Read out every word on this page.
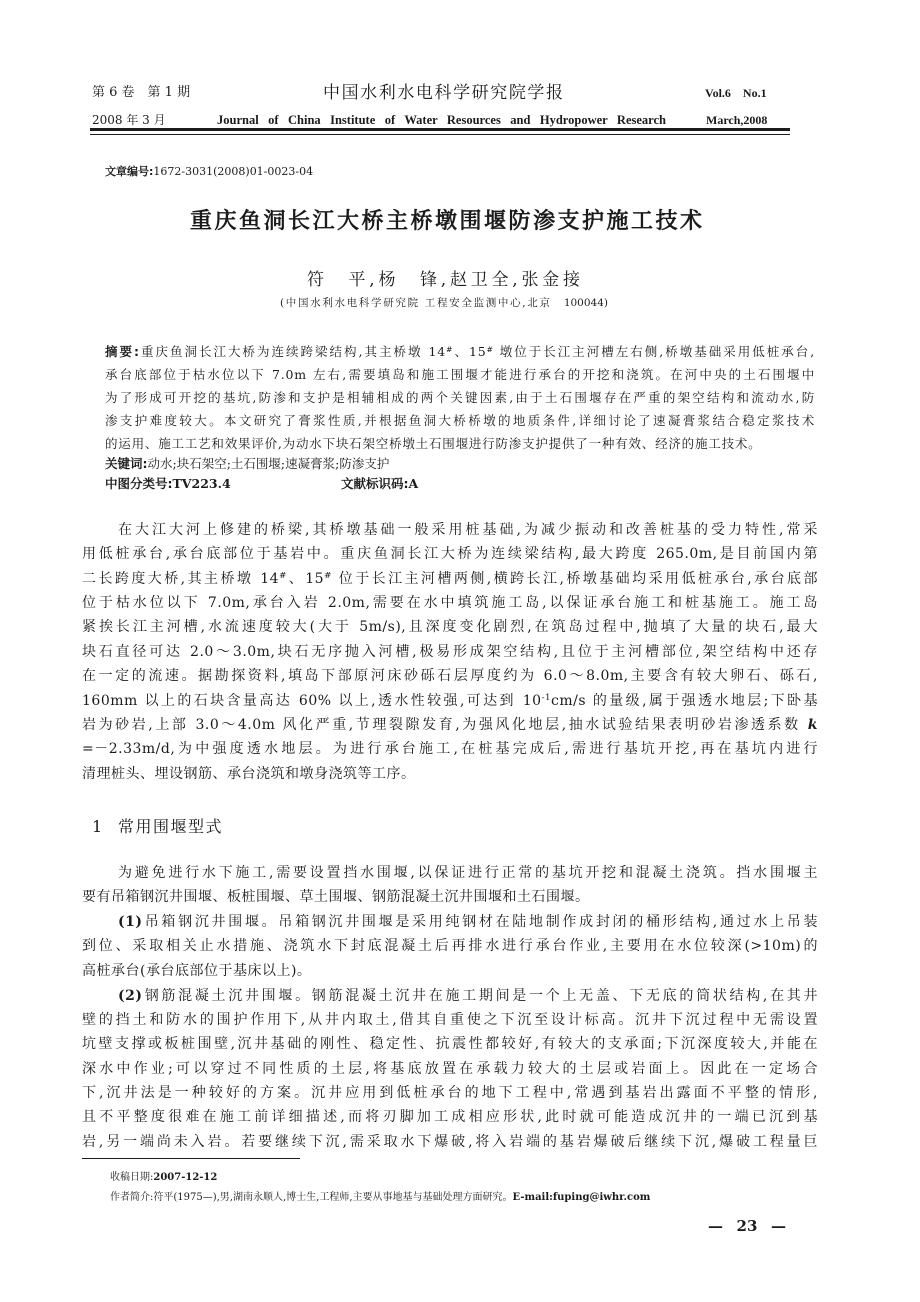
第 6 卷　第 1 期	中国水利水电科学研究院学报	Vol.6　No.1
2008 年 3 月	Journal of China Institute of Water Resources and Hydropower Research	March,2008
文章编号:1672-3031(2008)01-0023-04
重庆鱼洞长江大桥主桥墩围堰防渗支护施工技术
符　平,杨　锋,赵卫全,张金接
(中国水利水电科学研究院 工程安全监测中心,北京　100044)
摘要:重庆鱼洞长江大桥为连续跨梁结构,其主桥墩 14#、15# 墩位于长江主河槽左右侧,桥墩基础采用低桩承台,
承台底部位于枯水位以下 7.0m 左右,需要填岛和施工围堰才能进行承台的开挖和浇筑。在河中央的土石围堰中
为了形成可开挖的基坑,防渗和支护是相辅相成的两个关键因素,由于土石围堰存在严重的架空结构和流动水,防
渗支护难度较大。本文研究了膏浆性质,并根据鱼洞大桥桥墩的地质条件,详细讨论了速凝膏浆结合稳定浆技术
的运用、施工工艺和效果评价,为动水下块石架空桥墩土石围堰进行防渗支护提供了一种有效、经济的施工技术。
关键词:动水;块石架空;土石围堰;速凝膏浆;防渗支护
中图分类号:TV223.4	文献标识码:A
在大江大河上修建的桥梁,其桥墩基础一般采用桩基础,为减少振动和改善桩基的受力特性,常采
用低桩承台,承台底部位于基岩中。重庆鱼洞长江大桥为连续梁结构,最大跨度 265.0m,是目前国内第
二长跨度大桥,其主桥墩 14#、15# 位于长江主河槽两侧,横跨长江,桥墩基础均采用低桩承台,承台底部
位于枯水位以下 7.0m,承台入岩 2.0m,需要在水中填筑施工岛,以保证承台施工和桩基施工。施工岛
紧挨长江主河槽,水流速度较大(大于 5m/s),且深度变化剧烈,在筑岛过程中,抛填了大量的块石,最大
块石直径可达 2.0～3.0m,块石无序抛入河槽,极易形成架空结构,且位于主河槽部位,架空结构中还存
在一定的流速。据勘探资料,填岛下部原河床砂砾石层厚度约为 6.0～8.0m,主要含有较大卵石、砾石,
160mm 以上的石块含量高达 60% 以上,透水性较强,可达到 $10^{-1}cm/s$ 的量级,属于强透水地层;下卧基
岩为砂岩,上部 3.0～4.0m 风化严重,节理裂隙发育,为强风化地层,抽水试验结果表明砂岩渗透系数 k
=－2.33m/d,为中强度透水地层。为进行承台施工,在桩基完成后,需进行基坑开挖,再在基坑内进行
清理桩头、埋设钢筋、承台浇筑和墩身浇筑等工序。
1 常用围堰型式
为避免进行水下施工,需要设置挡水围堰,以保证进行正常的基坑开挖和混凝土浇筑。挡水围堰主
要有吊箱钢沉井围堰、板桩围堰、草土围堰、钢筋混凝土沉井围堰和土石围堰。
(1)吊箱钢沉井围堰。吊箱钢沉井围堰是采用纯钢材在陆地制作成封闭的桶形结构,通过水上吊装
到位、采取相关止水措施、浇筑水下封底混凝土后再排水进行承台作业,主要用在水位较深(>10m)的
高桩承台(承台底部位于基床以上)。
(2)钢筋混凝土沉井围堰。钢筋混凝土沉井在施工期间是一个上无盖、下无底的筒状结构,在其井
壁的挡土和防水的围护作用下,从井内取土,借其自重使之下沉至设计标高。沉井下沉过程中无需设置
坑壁支撑或板桩围壁,沉井基础的刚性、稳定性、抗震性都较好,有较大的支承面;下沉深度较大,并能在
深水中作业;可以穿过不同性质的土层,将基底放置在承载力较大的土层或岩面上。因此在一定场合
下,沉井法是一种较好的方案。沉井应用到低桩承台的地下工程中,常遇到基岩出露面不平整的情形,
且不平整度很难在施工前详细描述,而将刃脚加工成相应形状,此时就可能造成沉井的一端已沉到基
岩,另一端尚未入岩。若要继续下沉,需采取水下爆破,将入岩端的基岩爆破后继续下沉,爆破工程量巨
收稿日期:2007-12-12
作者简介:符平(1975—),男,湖南永顺人,博士生,工程师,主要从事地基与基础处理方面研究。E-mail:fuping@iwhr.com
— 23 —
